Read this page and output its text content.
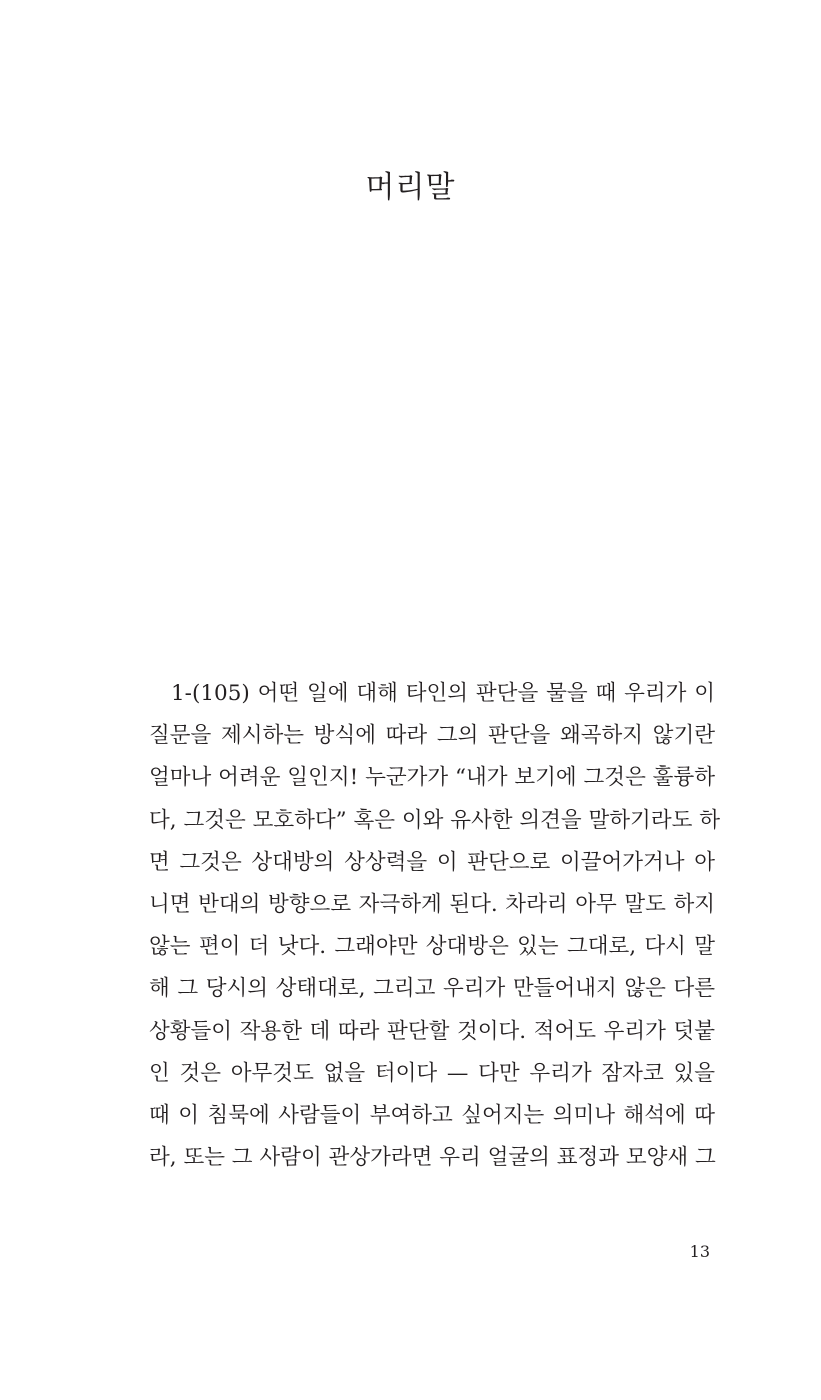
머리말
1-(105) 어떤 일에 대해 타인의 판단을 물을 때 우리가 이
질문을 제시하는 방식에 따라 그의 판단을 왜곡하지 않기란
얼마나 어려운 일인지! 누군가가 “내가 보기에 그것은 훌륭하
다, 그것은 모호하다” 혹은 이와 유사한 의견을 말하기라도 하
면 그것은 상대방의 상상력을 이 판단으로 이끌어가거나 아
니면 반대의 방향으로 자극하게 된다. 차라리 아무 말도 하지
않는 편이 더 낫다. 그래야만 상대방은 있는 그대로, 다시 말
해 그 당시의 상태대로, 그리고 우리가 만들어내지 않은 다른
상황들이 작용한 데 따라 판단할 것이다. 적어도 우리가 덧붙
인 것은 아무것도 없을 터이다 — 다만 우리가 잠자코 있을
때 이 침묵에 사람들이 부여하고 싶어지는 의미나 해석에 따
라, 또는 그 사람이 관상가라면 우리 얼굴의 표정과 모양새 그

13
